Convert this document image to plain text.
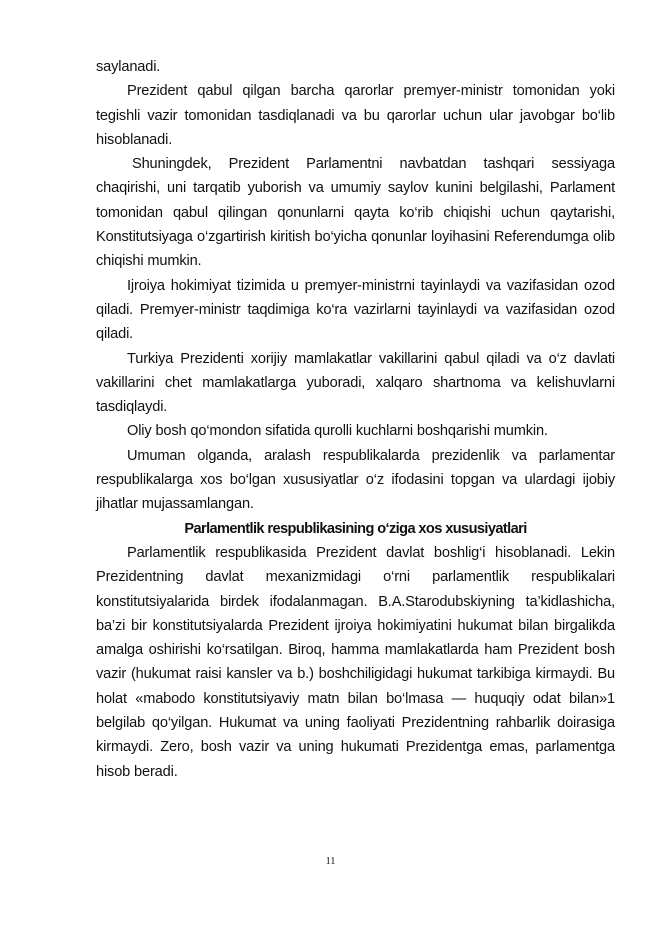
saylanadi.

Prezident qabul qilgan barcha qarorlar premyer-ministr tomonidan yoki tegishli vazir tomonidan tasdiqlanadi va bu qarorlar uchun ular javobgar bo‘lib hisoblanadi.

Shuningdek, Prezident Parlamentni navbatdan tashqari sessiyaga chaqirishi, uni tarqatib yuborish va umumiy saylov kunini belgilashi, Parlament tomonidan qabul qilingan qonunlarni qayta ko‘rib chiqishi uchun qaytarishi, Konstitutsiyaga o‘zgartirish kiritish bo‘yicha qonunlar loyihasini Referendumga olib chiqishi mumkin.

Ijroiya hokimiyat tizimida u premyer-ministrni tayinlaydi va vazifasidan ozod qiladi. Premyer-ministr taqdimiga ko‘ra vazirlarni tayinlaydi va vazifasidan ozod qiladi.

Turkiya Prezidenti xorijiy mamlakatlar vakillarini qabul qiladi va o‘z davlati vakillarini chet mamlakatlarga yuboradi, xalqaro shartnoma va kelishuvlarni tasdiqlaydi.

Oliy bosh qo‘mondon sifatida qurolli kuchlarni boshqarishi mumkin.

Umuman olganda, aralash respublikalarda prezidenlik va parlamentar respublikalarga xos bo‘lgan xususiyatlar o‘z ifodasini topgan va ulardagi ijobiy jihatlar mujassamlangan.

Parlamentlik respublikasining o‘ziga xos xususiyatlari

Parlamentlik respublikasida Prezident davlat boshlig‘i hisoblanadi. Lekin Prezidentning davlat mexanizmidagi o‘rni parlamentlik respublikalari konstitutsiyalarida birdek ifodalanmagan. B.A.Starodubskiyning ta’kidlashicha, ba’zi bir konstitutsiyalarda Prezident ijroiya hokimiyatini hukumat bilan birgalikda amalga oshirishi ko‘rsatilgan. Biroq, hamma mamlakatlarda ham Prezident bosh vazir (hukumat raisi kansler va b.) boshchiligidagi hukumat tarkibiga kirmaydi. Bu holat «mabodo konstitutsiyaviy matn bilan bo‘lmasa — huquqiy odat bilan»1 belgilab qo‘yilgan. Hukumat va uning faoliyati Prezidentning rahbarlik doirasiga kirmaydi. Zero, bosh vazir va uning hukumati Prezidentga emas, parlamentga hisob beradi.

11
